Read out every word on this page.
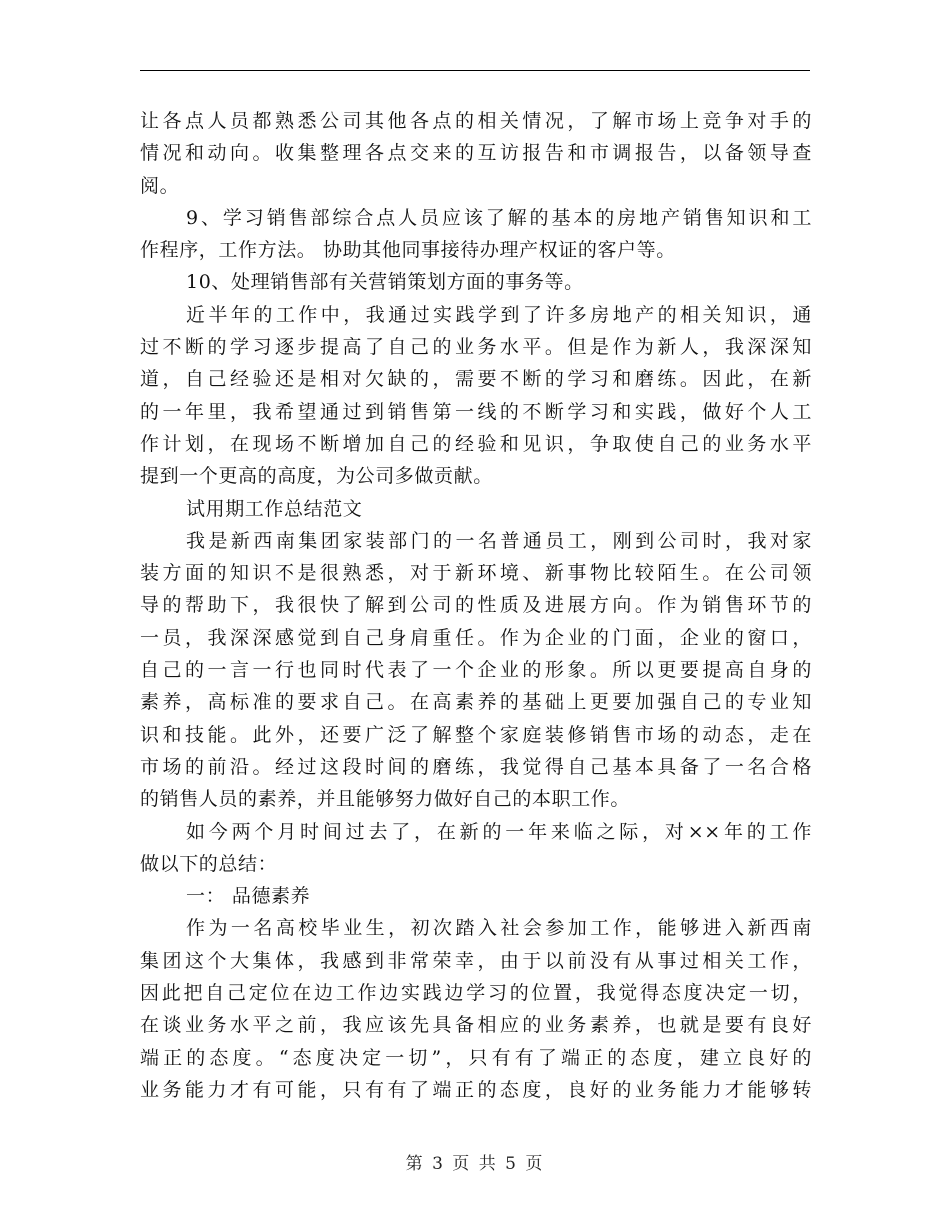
让各点人员都熟悉公司其他各点的相关情况，了解市场上竞争对手的
情况和动向。收集整理各点交来的互访报告和市调报告，以备领导查
阅。
9、学习销售部综合点人员应该了解的基本的房地产销售知识和工
作程序，工作方法。 协助其他同事接待办理产权证的客户等。
10、处理销售部有关营销策划方面的事务等。
近半年的工作中，我通过实践学到了许多房地产的相关知识，通
过不断的学习逐步提高了自己的业务水平。但是作为新人，我深深知
道，自己经验还是相对欠缺的，需要不断的学习和磨练。因此，在新
的一年里，我希望通过到销售第一线的不断学习和实践，做好个人工
作计划，在现场不断增加自己的经验和见识，争取使自己的业务水平
提到一个更高的高度，为公司多做贡献。
试用期工作总结范文
我是新西南集团家装部门的一名普通员工，刚到公司时，我对家
装方面的知识不是很熟悉，对于新环境、新事物比较陌生。在公司领
导的帮助下，我很快了解到公司的性质及进展方向。作为销售环节的
一员，我深深感觉到自己身肩重任。作为企业的门面，企业的窗口，
自己的一言一行也同时代表了一个企业的形象。所以更要提高自身的
素养，高标准的要求自己。在高素养的基础上更要加强自己的专业知
识和技能。此外，还要广泛了解整个家庭装修销售市场的动态，走在
市场的前沿。经过这段时间的磨练，我觉得自己基本具备了一名合格
的销售人员的素养，并且能够努力做好自己的本职工作。
如今两个月时间过去了，在新的一年来临之际，对××年的工作
做以下的总结：
一： 品德素养
作为一名高校毕业生，初次踏入社会参加工作，能够进入新西南
集团这个大集体，我感到非常荣幸，由于以前没有从事过相关工作，
因此把自己定位在边工作边实践边学习的位置，我觉得态度决定一切，
在谈业务水平之前，我应该先具备相应的业务素养，也就是要有良好
端正的态度。“态度决定一切”，只有有了端正的态度，建立良好的
业务能力才有可能，只有有了端正的态度，良好的业务能力才能够转
第 3 页 共 5 页
